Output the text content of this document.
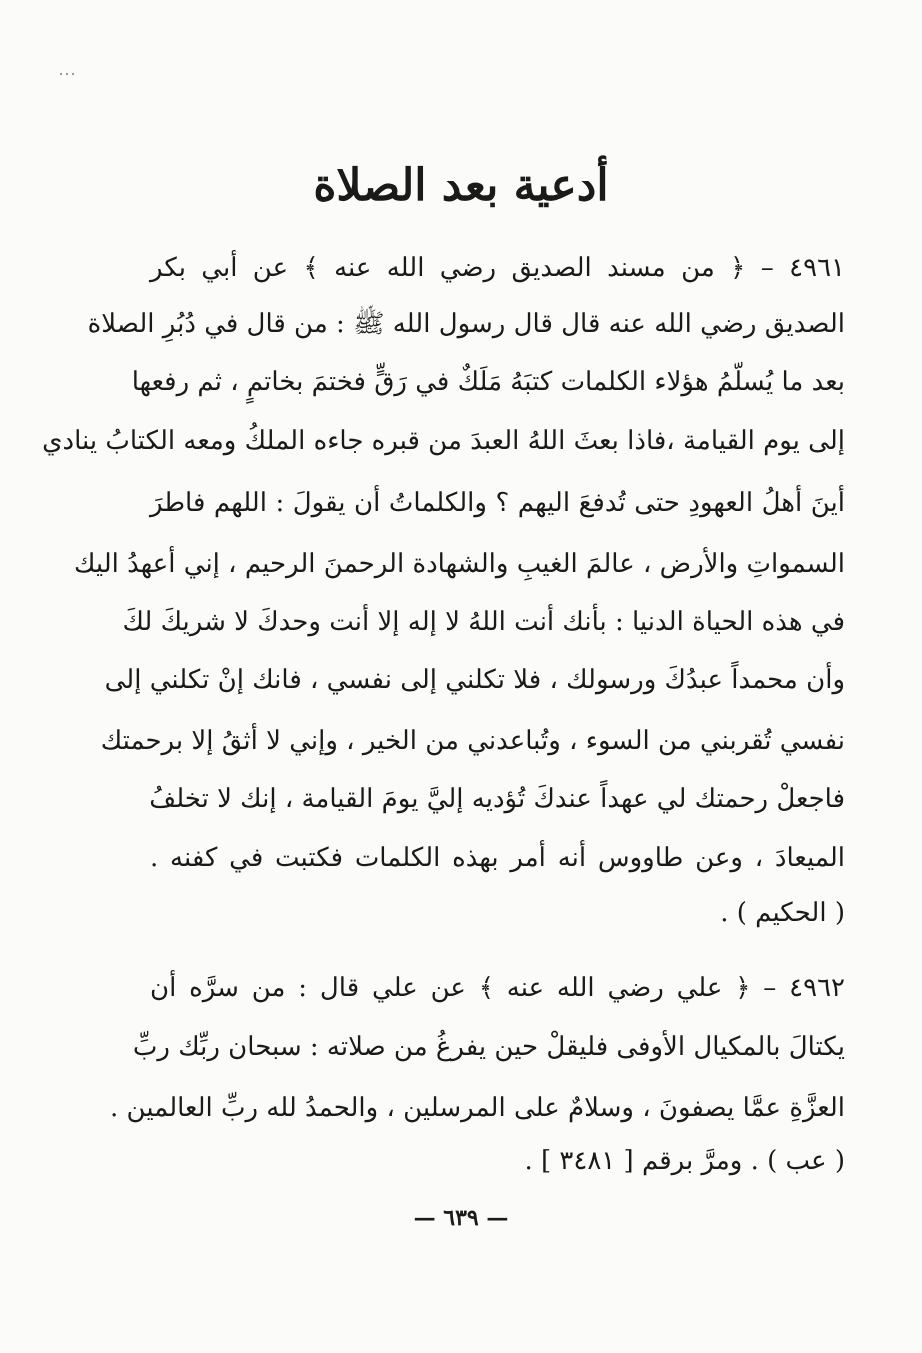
أدعية بعد الصلاة
٤٩٦١ – ﴿ من مسند الصديق رضي الله عنه ﴾ عن أبي بكر
الصديق رضي الله عنه قال قال رسول الله ﷺ : من قال في دُبُرِ الصلاة
بعد ما يُسلّمُ هؤلاء الكلمات كتبَهُ مَلَكٌ في رَقٍّ فختمَ بخاتمٍ ، ثم رفعها
إلى يوم القيامة ،فاذا بعثَ اللهُ العبدَ من قبره جاءه الملكُ ومعه الكتابُ ينادي
أينَ أهلُ العهودِ حتى تُدفعَ اليهم ؟ والكلماتُ أن يقولَ : اللهم فاطرَ
السمواتِ والأرض ، عالمَ الغيبِ والشهادة الرحمنَ الرحيم ، إني أعهدُ اليك
في هذه الحياة الدنيا : بأنك أنت اللهُ لا إله إلا أنت وحدكَ لا شريكَ لكَ
وأن محمداً عبدُكَ ورسولك ، فلا تكلني إلى نفسي ، فانك إنْ تكلني إلى
نفسي تُقربني من السوء ، وتُباعدني من الخير ، وإني لا أثقُ إلا برحمتك
فاجعلْ رحمتك لي عهداً عندكَ تُؤديه إليَّ يومَ القيامة ، إنك لا تخلفُ
الميعادَ ، وعن طاووس أنه أمر بهذه الكلمات فكتبت في كفنه .
( الحكيم ) .
٤٩٦٢ – ﴿ علي رضي الله عنه ﴾ عن علي قال : من سرَّه أن
يكتالَ بالمكيال الأوفى فليقلْ حين يفرغُ من صلاته : سبحان ربِّك ربِّ
العزَّةِ عمَّا يصفونَ ، وسلامٌ على المرسلين ، والحمدُ لله ربِّ العالمين .
( عب ) . ومرَّ برقم [ ٣٤٨١ ] .
— ٦٣٩ —
